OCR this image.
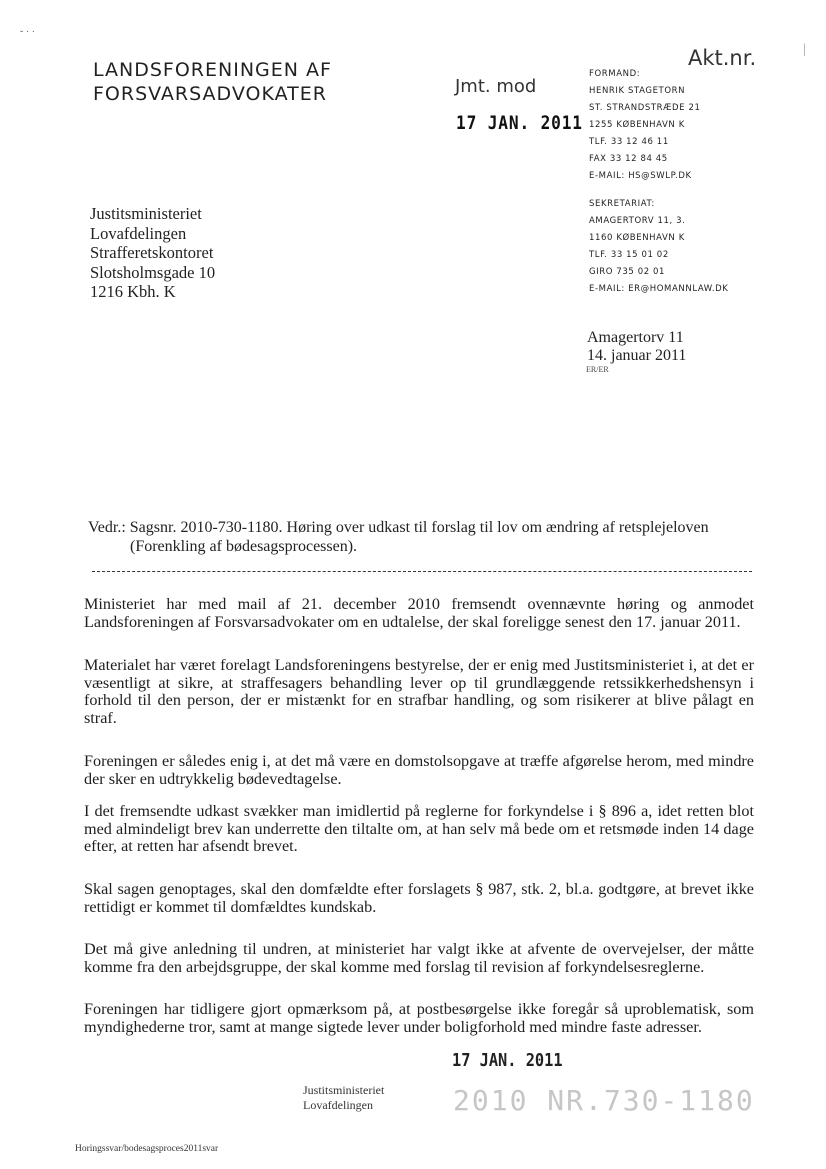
˘ ˙ ˙
|
LANDSFORENINGEN AF
FORSVARSADVOKATER
Akt.nr.
Jmt. mod
17 JAN. 2011
FORMAND:
HENRIK STAGETORN
ST. STRANDSTRÆDE 21
1255 KØBENHAVN K
TLF. 33 12 46 11
FAX 33 12 84 45
E-MAIL: HS@SWLP.DK
SEKRETARIAT:
AMAGERTORV 11, 3.
1160 KØBENHAVN K
TLF. 33 15 01 02
GIRO 735 02 01
E-MAIL: ER@HOMANNLAW.DK
Justitsministeriet
Lovafdelingen
Strafferetskontoret
Slotsholmsgade 10
1216 Kbh. K
Amagertorv 11
14. januar 2011
ER/ER
Vedr.: Sagsnr. 2010-730-1180. Høring over udkast til forslag til lov om ændring af retsplejeloven
(Forenkling af bødesagsprocessen).
Ministeriet har med mail af 21. december 2010 fremsendt ovennævnte høring og anmodet Landsforeningen af Forsvarsadvokater om en udtalelse, der skal foreligge senest den 17. januar 2011.
Materialet har været forelagt Landsforeningens bestyrelse, der er enig med Justitsministeriet i, at det er væsentligt at sikre, at straffesagers behandling lever op til grundlæggende retssikkerhedshensyn i forhold til den person, der er mistænkt for en strafbar handling, og som risikerer at blive pålagt en straf.
Foreningen er således enig i, at det må være en domstolsopgave at træffe afgørelse herom, med mindre der sker en udtrykkelig bødevedtagelse.
I det fremsendte udkast svækker man imidlertid på reglerne for forkyndelse i § 896 a, idet retten blot med almindeligt brev kan underrette den tiltalte om, at han selv må bede om et retsmøde inden 14 dage efter, at retten har afsendt brevet.
Skal sagen genoptages, skal den domfældte efter forslagets § 987, stk. 2, bl.a. godtgøre, at brevet ikke rettidigt er kommet til domfældtes kundskab.
Det må give anledning til undren, at ministeriet har valgt ikke at afvente de overvejelser, der måtte komme fra den arbejdsgruppe, der skal komme med forslag til revision af forkyndelsesreglerne.
Foreningen har tidligere gjort opmærksom på, at postbesørgelse ikke foregår så uproblematisk, som myndighederne tror, samt at mange sigtede lever under boligforhold med mindre faste adresser.
17 JAN. 2011
Justitsministeriet
Lovafdelingen	2010 NR.730-1180
Horingssvar/bodesagsproces2011svar
